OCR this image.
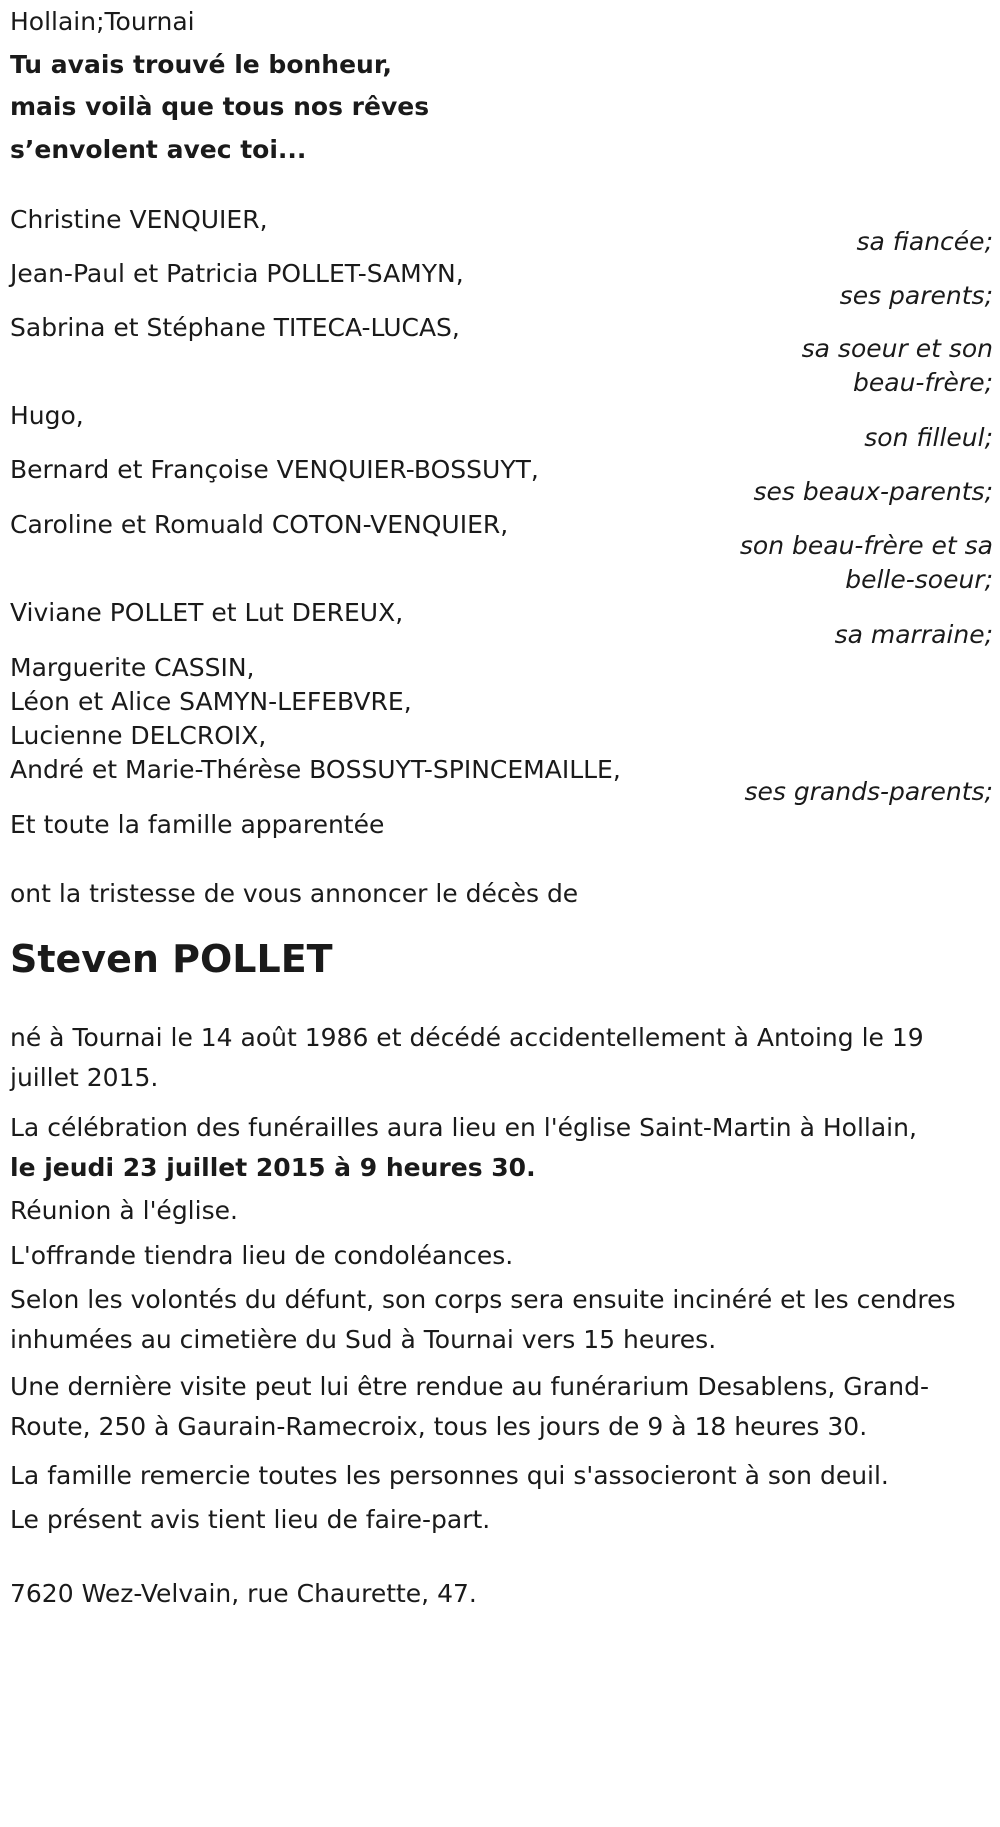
Hollain;Tournai
Tu avais trouvé le bonheur,
mais voilà que tous nos rêves
s’envolent avec toi...
Christine VENQUIER,
sa fiancée;
Jean-Paul et Patricia POLLET-SAMYN,
ses parents;
Sabrina et Stéphane TITECA-LUCAS,
sa soeur et son
beau-frère;
Hugo,
son filleul;
Bernard et Françoise VENQUIER-BOSSUYT,
ses beaux-parents;
Caroline et Romuald COTON-VENQUIER,
son beau-frère et sa
belle-soeur;
Viviane POLLET et Lut DEREUX,
sa marraine;
Marguerite CASSIN,
Léon et Alice SAMYN-LEFEBVRE,
Lucienne DELCROIX,
André et Marie-Thérèse BOSSUYT-SPINCEMAILLE,
ses grands-parents;
Et toute la famille apparentée
ont la tristesse de vous annoncer le décès de
Steven POLLET
né à Tournai le 14 août 1986 et décédé accidentellement à Antoing le 19 juillet 2015.
La célébration des funérailles aura lieu en l'église Saint-Martin à Hollain,
le jeudi 23 juillet 2015 à 9 heures 30.
Réunion à l'église.
L'offrande tiendra lieu de condoléances.
Selon les volontés du défunt, son corps sera ensuite incinéré et les cendres inhumées au cimetière du Sud à Tournai vers 15 heures.
Une dernière visite peut lui être rendue au funérarium Desablens, Grand-Route, 250 à Gaurain-Ramecroix, tous les jours de 9 à 18 heures 30.
La famille remercie toutes les personnes qui s'associeront à son deuil.
Le présent avis tient lieu de faire-part.
7620 Wez-Velvain, rue Chaurette, 47.
